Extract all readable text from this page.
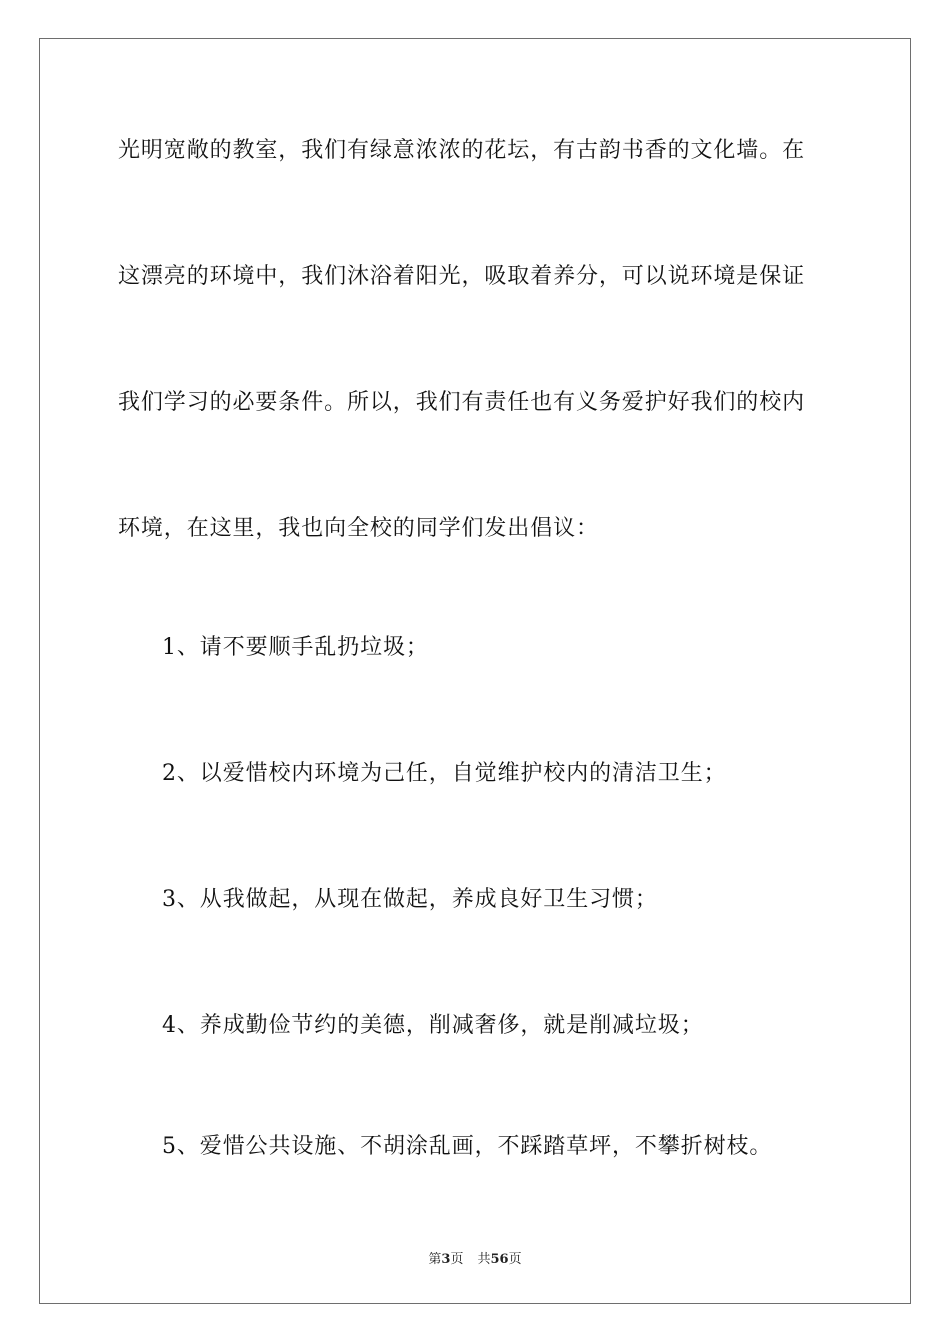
光明宽敞的教室，我们有绿意浓浓的花坛，有古韵书香的文化墙。在
这漂亮的环境中，我们沐浴着阳光，吸取着养分，可以说环境是保证
我们学习的必要条件。所以，我们有责任也有义务爱护好我们的校内
环境，在这里，我也向全校的同学们发出倡议：
1、请不要顺手乱扔垃圾；
2、以爱惜校内环境为己任，自觉维护校内的清洁卫生；
3、从我做起，从现在做起，养成良好卫生习惯；
4、养成勤俭节约的美德，削减奢侈，就是削减垃圾；
5、爱惜公共设施、不胡涂乱画，不踩踏草坪，不攀折树枝。
第3页 共56页
